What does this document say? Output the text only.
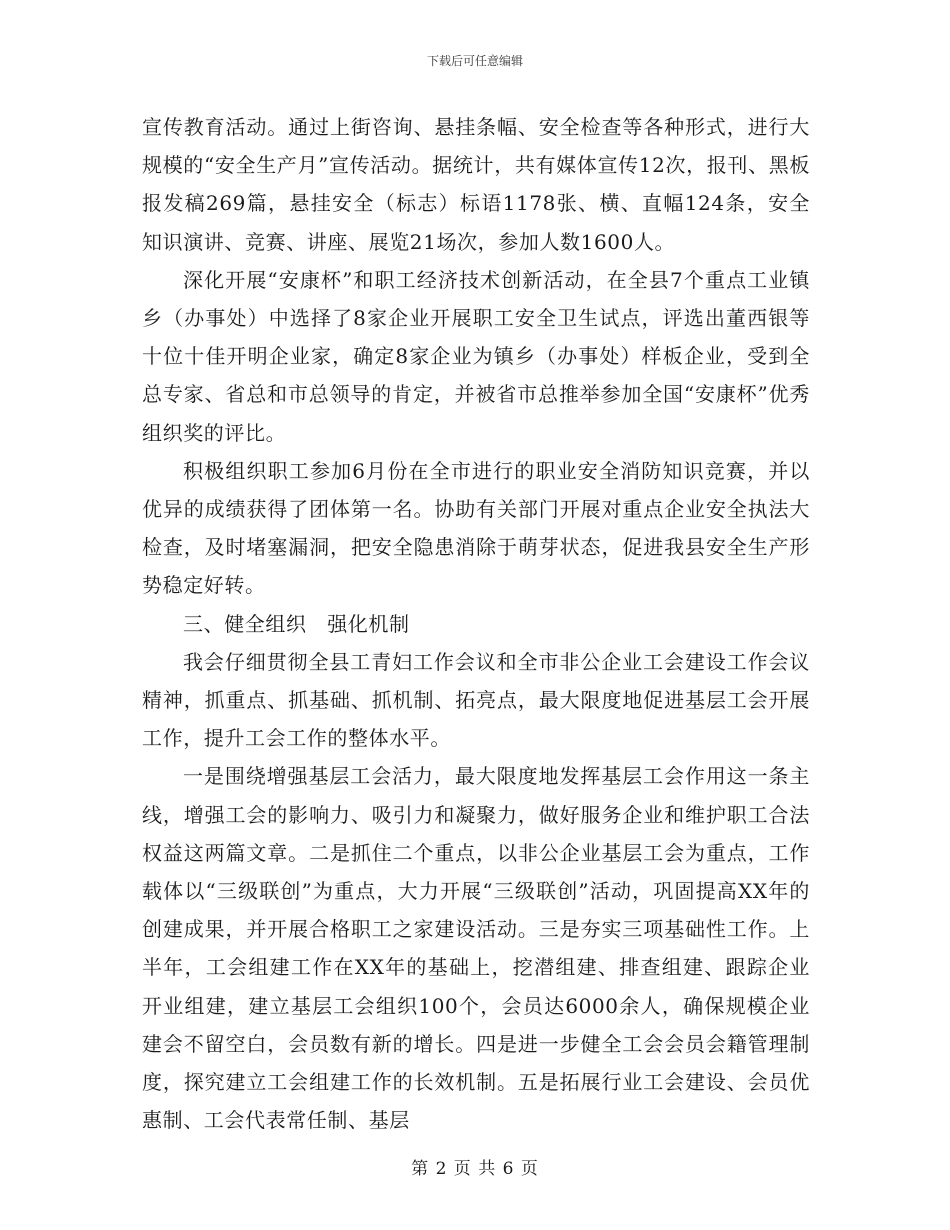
下载后可任意编辑

宣传教育活动。通过上街咨询、悬挂条幅、安全检查等各种形式，进行大规模的“安全生产月”宣传活动。据统计，共有媒体宣传12次，报刊、黑板报发稿269篇，悬挂安全（标志）标语1178张、横、直幅124条，安全知识演讲、竞赛、讲座、展览21场次，参加人数1600人。

深化开展“安康杯”和职工经济技术创新活动，在全县7个重点工业镇乡（办事处）中选择了8家企业开展职工安全卫生试点，评选出董西银等十位十佳开明企业家，确定8家企业为镇乡（办事处）样板企业，受到全总专家、省总和市总领导的肯定，并被省市总推举参加全国“安康杯”优秀组织奖的评比。

积极组织职工参加6月份在全市进行的职业安全消防知识竞赛，并以优异的成绩获得了团体第一名。协助有关部门开展对重点企业安全执法大检查，及时堵塞漏洞，把安全隐患消除于萌芽状态，促进我县安全生产形势稳定好转。

三、健全组织　强化机制

我会仔细贯彻全县工青妇工作会议和全市非公企业工会建设工作会议精神，抓重点、抓基础、抓机制、拓亮点，最大限度地促进基层工会开展工作，提升工会工作的整体水平。

一是围绕增强基层工会活力，最大限度地发挥基层工会作用这一条主线，增强工会的影响力、吸引力和凝聚力，做好服务企业和维护职工合法权益这两篇文章。二是抓住二个重点，以非公企业基层工会为重点，工作载体以“三级联创”为重点，大力开展“三级联创”活动，巩固提高XX年的创建成果，并开展合格职工之家建设活动。三是夯实三项基础性工作。上半年，工会组建工作在XX年的基础上，挖潜组建、排查组建、跟踪企业开业组建，建立基层工会组织100个，会员达6000余人，确保规模企业建会不留空白，会员数有新的增长。四是进一步健全工会会员会籍管理制度，探究建立工会组建工作的长效机制。五是拓展行业工会建设、会员优惠制、工会代表常任制、基层

第 2 页 共 6 页
